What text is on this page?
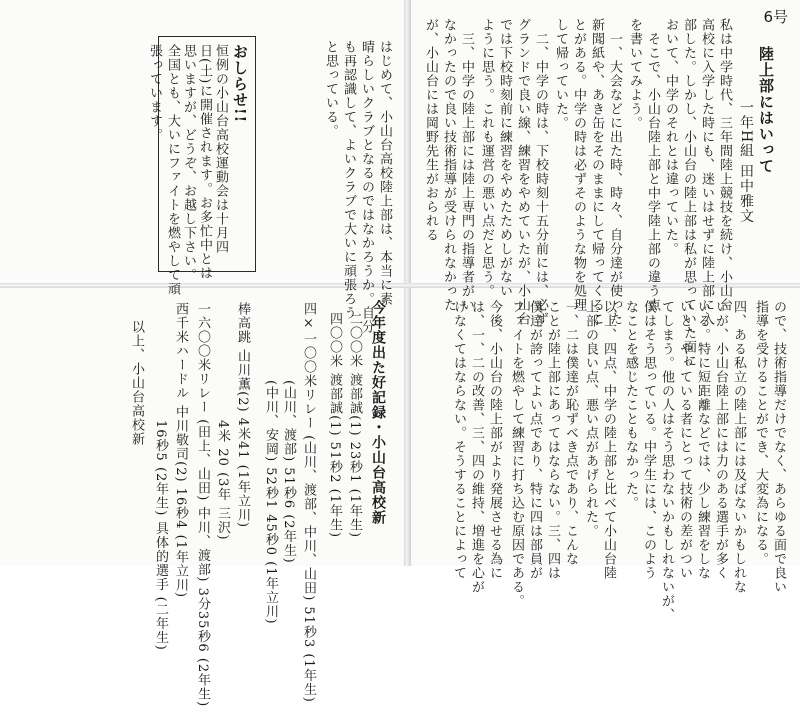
6号
陸上部にはいって
一年H組 田中雅文
私は中学時代、三年間陸上競技を続け、小山台
高校に入学した時にも、迷いはせずに陸上部に入
部した。しかし、小山台の陸上部は私が思っていた面に
おいて、中学のそれとは違っていた。
そこで、小山台陸上部と中学陸上部の違う点
を書いてみよう。
一、大会などに出た時、時々、自分達が使った
新聞紙や、あき缶をそのままにして帰ってくるこ
とがある。中学の時は必ずそのような物を処理
して帰っていた。
二、中学の時は、下校時刻十五分前には、必ず
グランドで良い線、練習をやめていたが、小山台
では下校時刻前に練習をやめたためしがない
ように思う。これも運営の悪い点だと思う。
三、中学の陸上部には陸上専門の指導者がい
なかったので良い技術指導が受けられなかった
が、小山台には岡野先生がおられる
はじめて、小山台高校陸上部は、本当に素
晴らしいクラブとなるのではなかろうか。自分
も再認識して、よいクラブで大いに頑張ろう
と思っている。
おしらせ!!
恒例の小山台高校運動会は十月四
日(土)に開催されます。お多忙中とは
思いますが、どうぞ、お越し下さい。
全国とも、大いにファイトを燃やして頑
張っています。
ので、技術指導だけでなく、あらゆる面で良い
指導を受けることができ、大変為になる。
四、ある私立の陸上部には及ばないかもしれな
いが、小山台陸上部には力のある選手が多く
いる。特に短距離などでは、少し練習をしな
いと、やっている者にとって技術の差がつい
てしまう。他の人はそう思わないかもしれないが、
僕はそう思っている。中学生には、このよう
なことを感じたこともなかった。
以上、四点、中学の陸上部と比べて小山台陸
上部の良い点、悪い点があげられた。
一、二は僕達が恥ずべき点であり、こんな
ことが陸上部にあってはならない。三、四は
僕達が誇ってよい点であり、特に四は部員が
ファイトを燃やして練習に打ち込む原因である。
今後、小山台の陸上部がより発展させる為に
は、一、二の改善、三、四の維持、増進を心が
けなくてはならない。そうすることによって
今年度出た好記録・小山台高校新
二〇〇米 渡部誠(1) 23秒1 (1年生)
四〇〇米 渡部誠(1) 51秒2 (1年生)
四×一〇〇米リレー (山川、渡部、中川、山田) 51秒3 (1年生)
(山川、渡部) 51秒6 (2年生)
(中川、安岡) 52秒1 45秒0 (1年立川)
棒高跳 山川薫(2) 4米41 (1年立川)
4米 20 (3年 三沢)
一六〇〇米リレー (田上、山田) 中川、渡部) 3分35秒6 (2年生)
西千米ハードル 中川敬司(2) 16秒4 (1年立川)
16秒5 (2年生) 具体的選手 (二年生)
以上、小山台高校新
